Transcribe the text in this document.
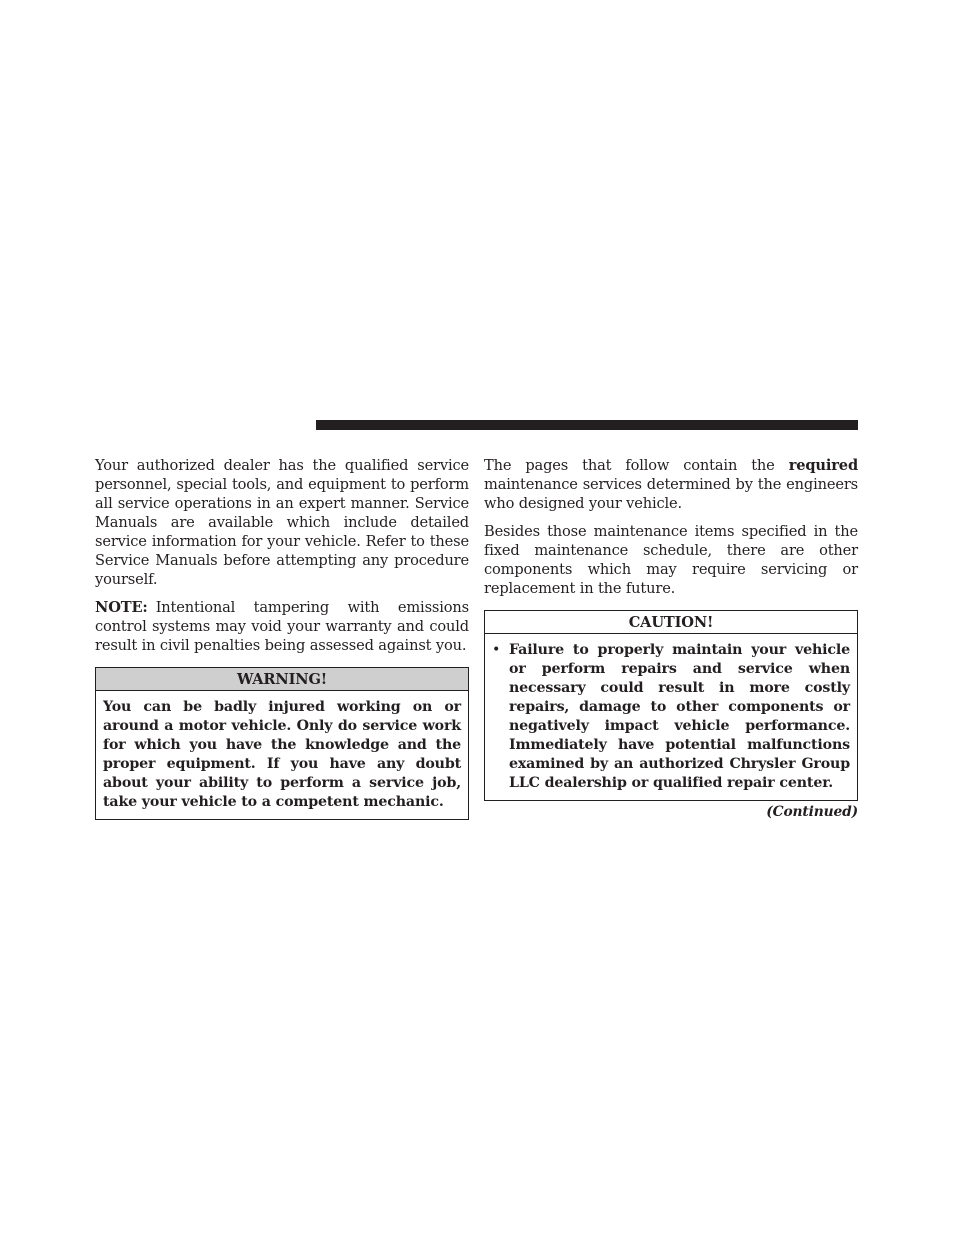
Your authorized dealer has the qualified service personnel, special tools, and equipment to perform all service operations in an expert manner. Service Manuals are available which include detailed service information for your vehicle. Refer to these Service Manuals before attempting any procedure yourself.

NOTE: Intentional tampering with emissions control systems may void your warranty and could result in civil penalties being assessed against you.

WARNING!
You can be badly injured working on or around a motor vehicle. Only do service work for which you have the knowledge and the proper equipment. If you have any doubt about your ability to perform a service job, take your vehicle to a competent mechanic.

The pages that follow contain the required maintenance services determined by the engineers who designed your vehicle.

Besides those maintenance items specified in the fixed maintenance schedule, there are other components which may require servicing or replacement in the future.

CAUTION!
• Failure to properly maintain your vehicle or perform repairs and service when necessary could result in more costly repairs, damage to other components or negatively impact vehicle performance. Immediately have potential malfunctions examined by an authorized Chrysler Group LLC dealership or qualified repair center.
(Continued)
